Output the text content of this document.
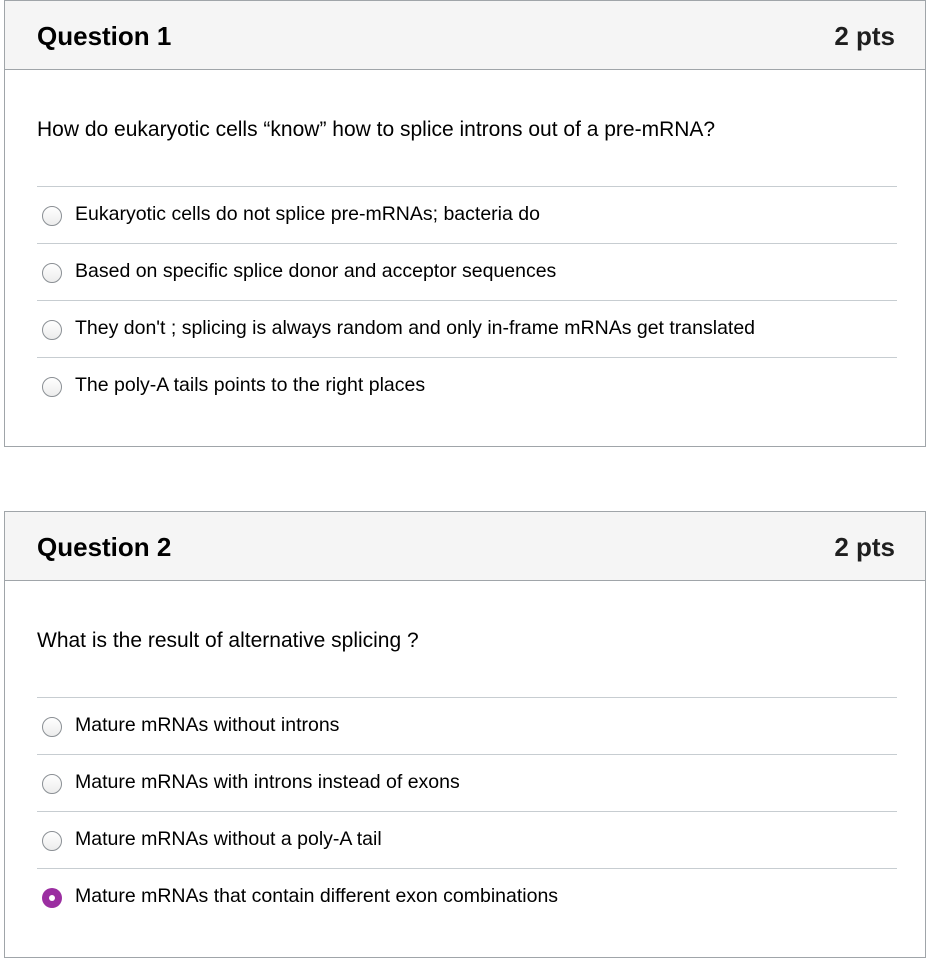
Question 1	2 pts
How do eukaryotic cells “know” how to splice introns out of a pre-mRNA?
Eukaryotic cells do not splice pre-mRNAs; bacteria do
Based on specific splice donor and acceptor sequences
They don't ; splicing is always random and only in-frame mRNAs get translated
The poly-A tails points to the right places
Question 2	2 pts
What is the result of alternative splicing ?
Mature mRNAs without introns
Mature mRNAs with introns instead of exons
Mature mRNAs without a poly-A tail
Mature mRNAs that contain different exon combinations
